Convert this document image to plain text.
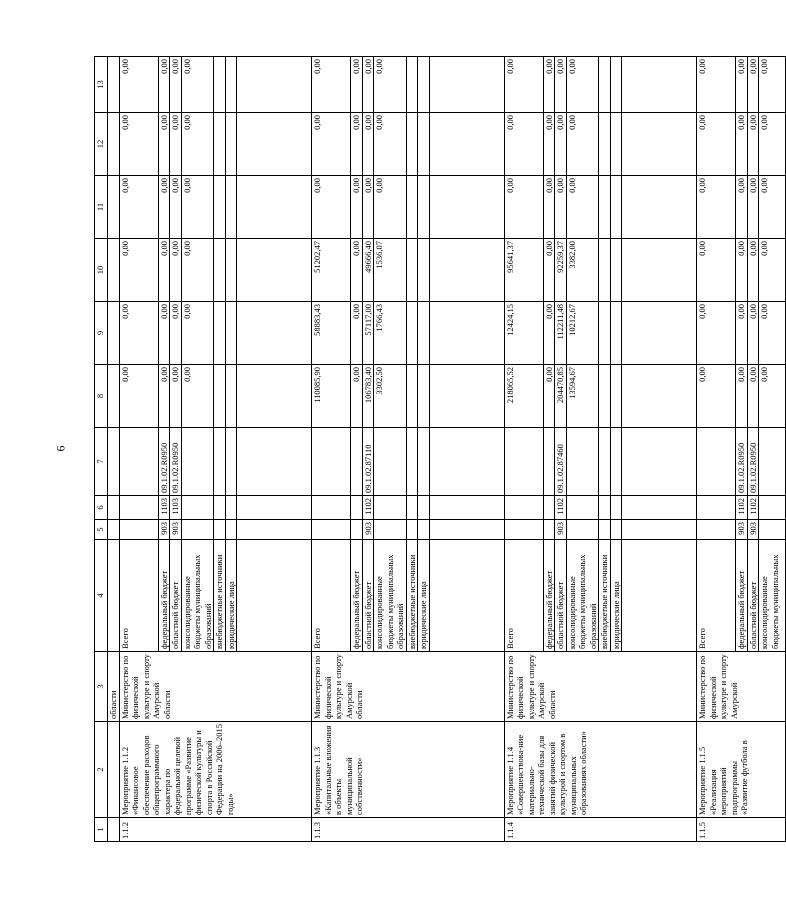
6
1	2	3	4	5	6	7	8	9	10	11	12	13
		области										
1.1.2	Мероприятие 1.1.2 «Финансовое обеспечение расходов общепрограммного характера по федеральной целевой программе «Развитие физической культуры и спорта в Российской Федерации на 2006–2015 годы»	Министерство по физической культуре и спорту Амурской области	Всего				0,00	0,00	0,00	0,00	0,00	0,00
			федеральный бюджет	903	1103	09.1.02.R0950	0,00	0,00	0,00	0,00	0,00	0,00
			областной бюджет	903	1103	09.1.02.R0950	0,00	0,00	0,00	0,00	0,00	0,00
			консолидированные бюджеты муниципальных образований				0,00	0,00	0,00	0,00	0,00	0,00
			внебюджетные источники									
			юридические лица									

1.1.3	Мероприятие 1.1.3 «Капитальные вложения в объекты муниципальной собственности»	Министерство по физической культуре и спорту Амурской области	Всего				110085,90	58883,43	51202,47	0,00	0,00	0,00
			федеральный бюджет				0,00	0,00	0,00	0,00	0,00	0,00
			областной бюджет	903	1102	09.1.02.87110	106783,40	57117,00	49666,40	0,00	0,00	0,00
			консолидированные бюджеты муниципальных образований				3302,50	1766,43	1536,07	0,00	0,00	0,00
			внебюджетные источники									
			юридические лица									

1.1.4	Мероприятие 1.1.4 «Совершенствова-ние материально-технической базы для занятий физической культурой и спортом в муниципальных образованиях области»	Министерство по физической культуре и спорту Амурской области	Всего				218065,52	12424,15	95641,37	0,00	0,00	0,00
			федеральный бюджет				0,00	0,00	0,00	0,00	0,00	0,00
			областной бюджет	903	1102	09.1.02.87460	204470,85	112211,48	92259,37	0,00	0,00	0,00
			консолидированные бюджеты муниципальных образований				13594,67	10212,67	3382,00	0,00	0,00	0,00
			внебюджетные источники									
			юридические лица									

1.1.5	Мероприятие 1.1.5 «Реализация мероприятий подпрограммы «Развитие футбола в	Министерство по физической культуре и спорту Амурской	Всего				0,00	0,00	0,00	0,00	0,00	0,00
			федеральный бюджет	903	1102	09.1.02.R0950	0,00	0,00	0,00	0,00	0,00	0,00
			областной бюджет	903	1102	09.1.02.R0950	0,00	0,00	0,00	0,00	0,00	0,00
			консолидированные бюджеты муниципальных				0,00	0,00	0,00	0,00	0,00	0,00
